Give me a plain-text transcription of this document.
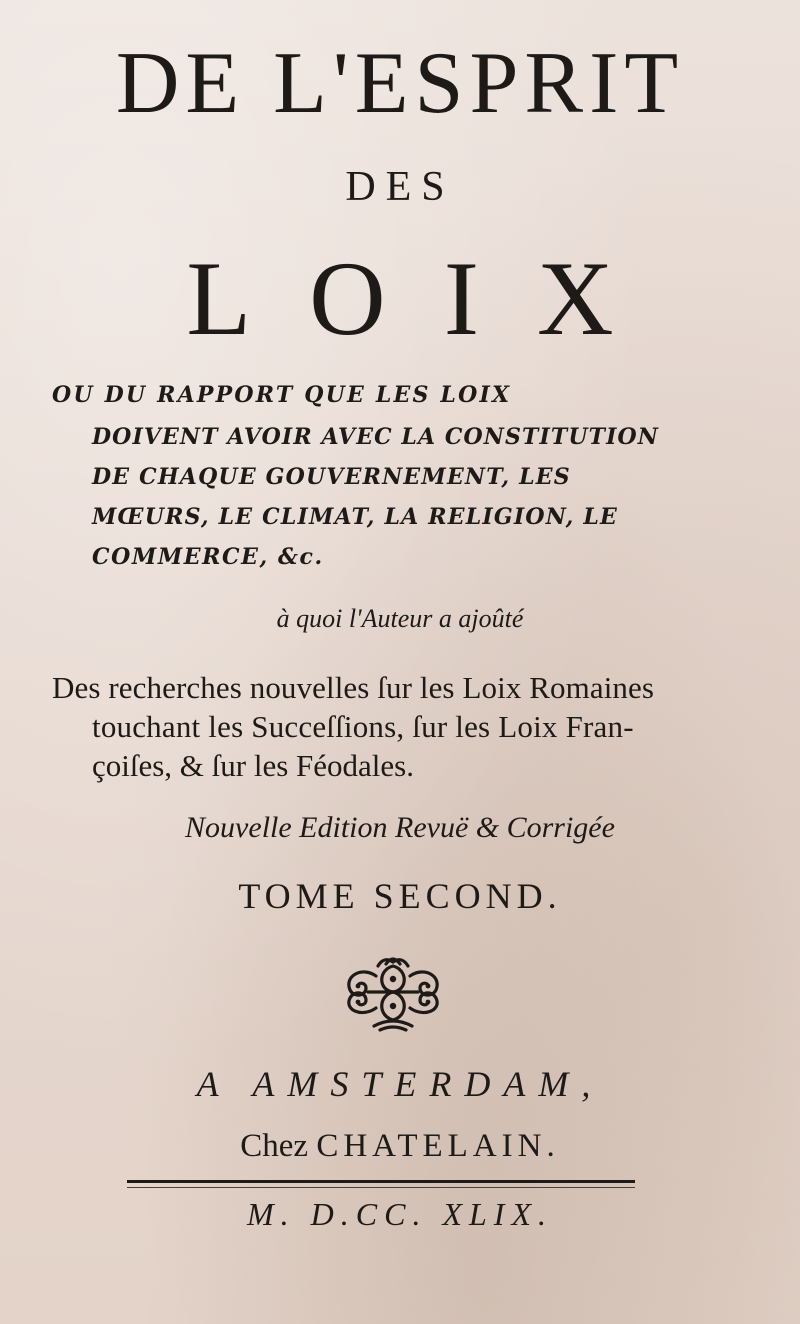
DE L'ESPRIT
DES
LOIX
OU DU RAPPORT QUE LES LOIX
DOIVENT AVOIR AVEC LA CONSTITUTION
DE CHAQUE GOUVERNEMENT, LES
MŒURS, LE CLIMAT, LA RELIGION, LE
COMMERCE, &c.
à quoi l'Auteur a ajoûté
Des recherches nouvelles ſur les Loix Romaines
touchant les Succeſſions, ſur les Loix Fran-
çoiſes, & ſur les Féodales.
Nouvelle Edition Revuë & Corrigée
TOME SECOND.
A AMSTERDAM,
Chez CHATELAIN.
M. D.CC. XLIX.
